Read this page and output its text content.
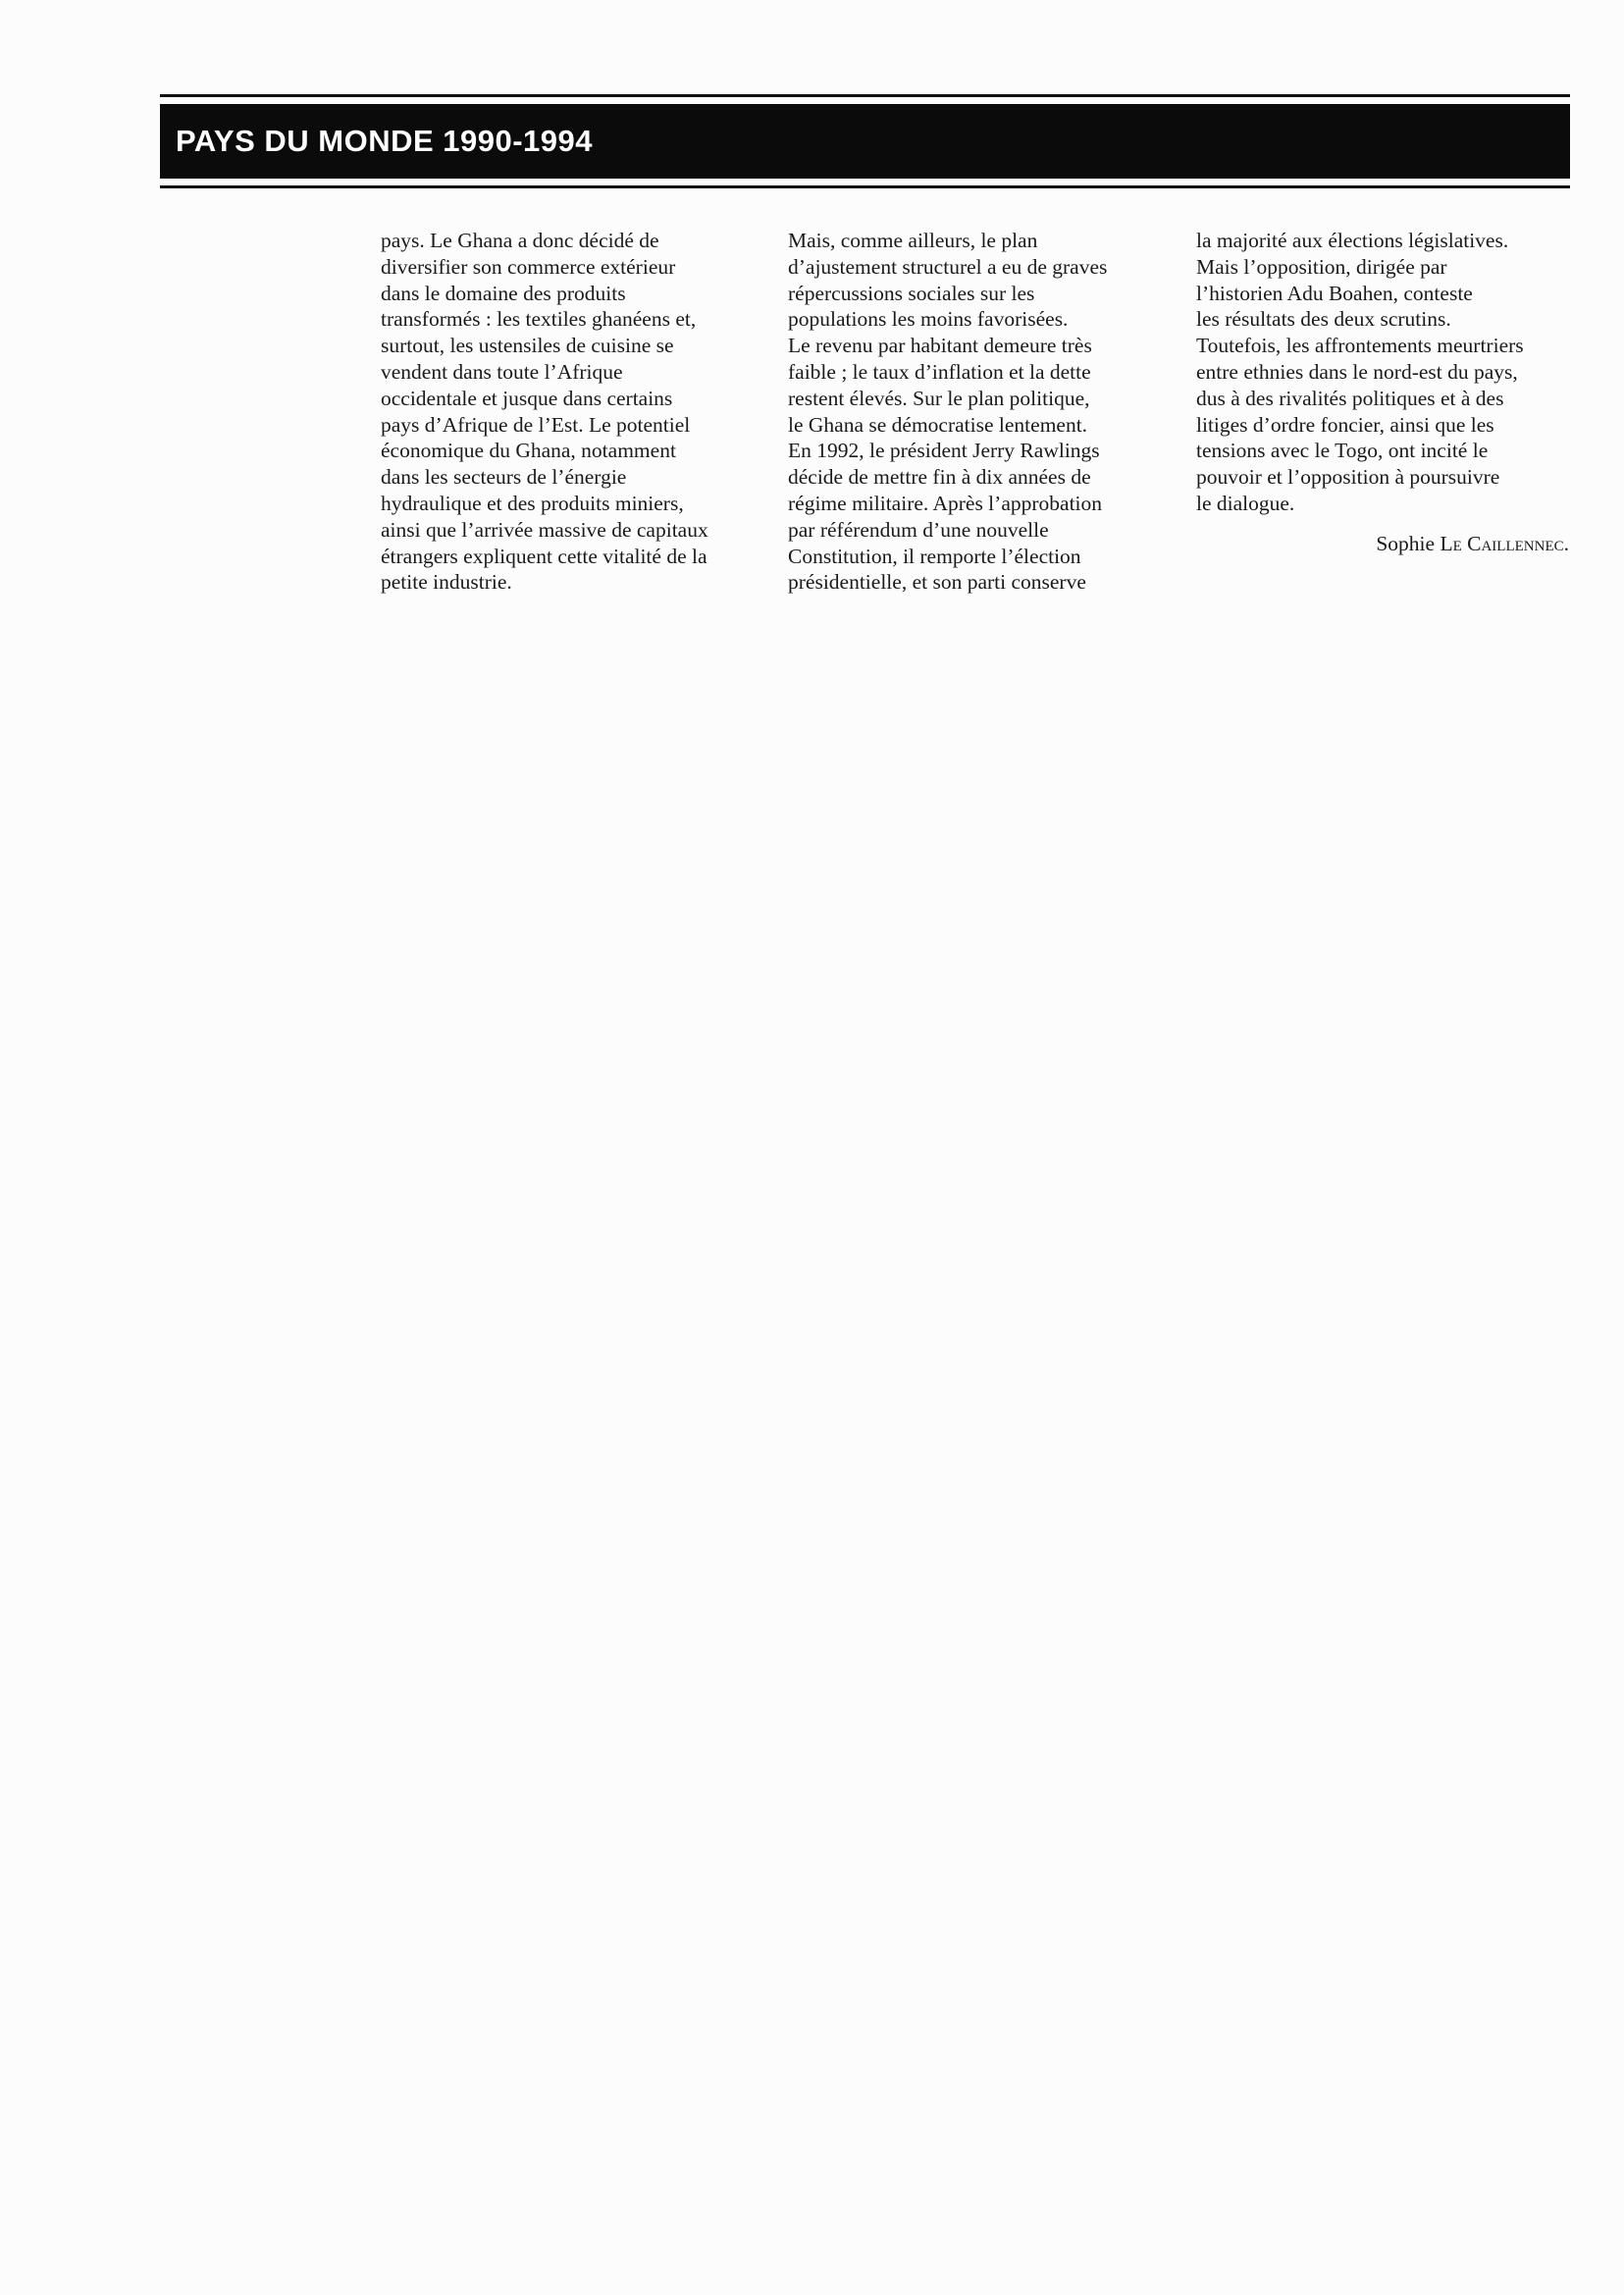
PAYS DU MONDE 1990-1994
pays. Le Ghana a donc décidé de
diversifier son commerce extérieur
dans le domaine des produits
transformés : les textiles ghanéens et,
surtout, les ustensiles de cuisine se
vendent dans toute l’Afrique
occidentale et jusque dans certains
pays d’Afrique de l’Est. Le potentiel
économique du Ghana, notamment
dans les secteurs de l’énergie
hydraulique et des produits miniers,
ainsi que l’arrivée massive de capitaux
étrangers expliquent cette vitalité de la
petite industrie.
Mais, comme ailleurs, le plan
d’ajustement structurel a eu de graves
répercussions sociales sur les
populations les moins favorisées.
Le revenu par habitant demeure très
faible ; le taux d’inflation et la dette
restent élevés. Sur le plan politique,
le Ghana se démocratise lentement.
En 1992, le président Jerry Rawlings
décide de mettre fin à dix années de
régime militaire. Après l’approbation
par référendum d’une nouvelle
Constitution, il remporte l’élection
présidentielle, et son parti conserve
la majorité aux élections législatives.
Mais l’opposition, dirigée par
l’historien Adu Boahen, conteste
les résultats des deux scrutins.
Toutefois, les affrontements meurtriers
entre ethnies dans le nord-est du pays,
dus à des rivalités politiques et à des
litiges d’ordre foncier, ainsi que les
tensions avec le Togo, ont incité le
pouvoir et l’opposition à poursuivre
le dialogue.
Sophie Le Caillennec.
